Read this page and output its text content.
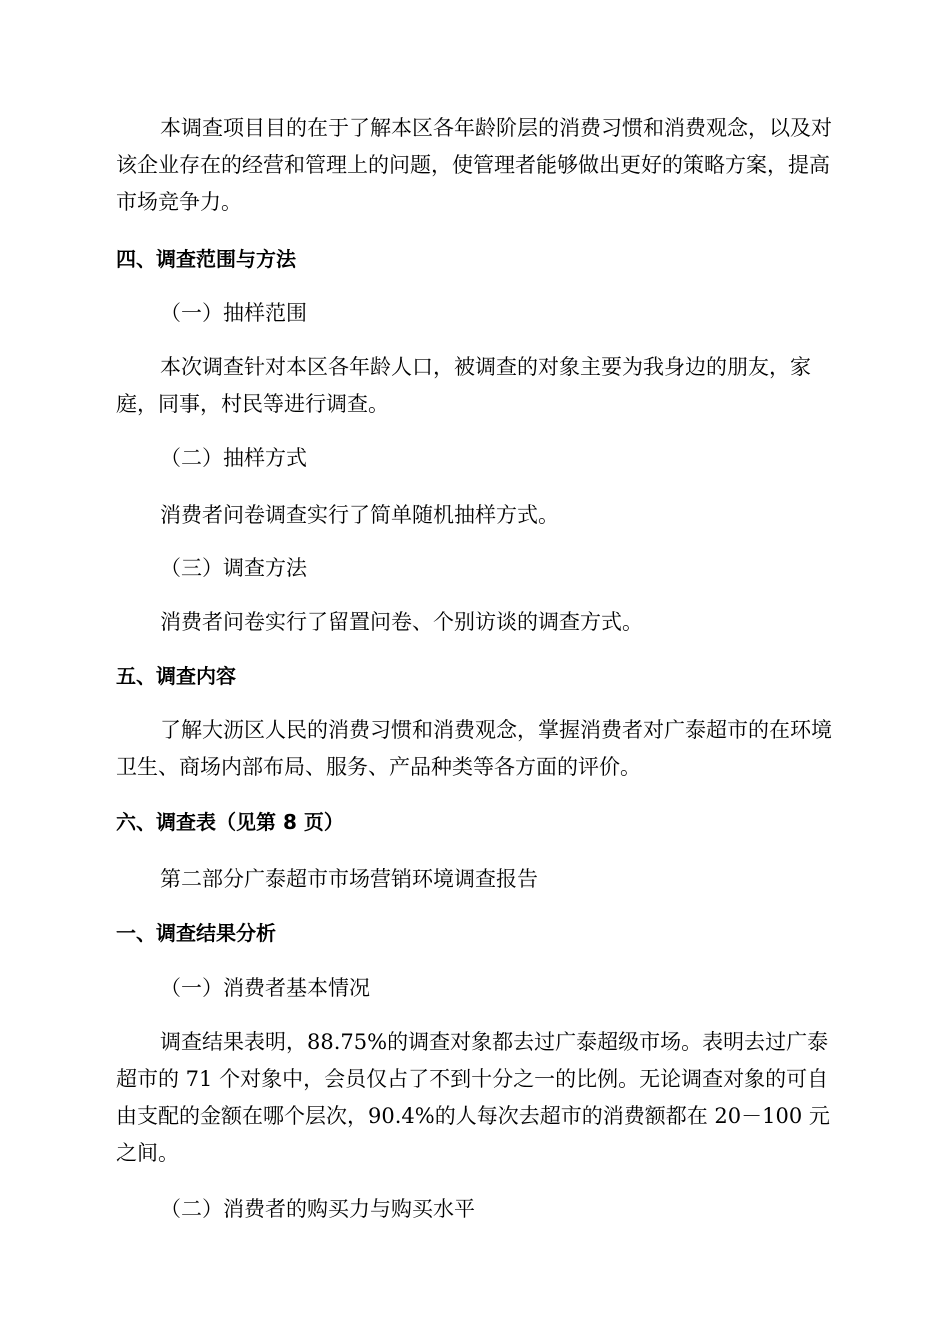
本调查项目目的在于了解本区各年龄阶层的消费习惯和消费观念，以及对该企业存在的经营和管理上的问题，使管理者能够做出更好的策略方案，提高市场竞争力。

四、调查范围与方法

（一）抽样范围

本次调查针对本区各年龄人口，被调查的对象主要为我身边的朋友，家庭，同事，村民等进行调查。

（二）抽样方式

消费者问卷调查实行了简单随机抽样方式。

（三）调查方法

消费者问卷实行了留置问卷、个别访谈的调查方式。

五、调查内容

了解大沥区人民的消费习惯和消费观念，掌握消费者对广泰超市的在环境卫生、商场内部布局、服务、产品种类等各方面的评价。

六、调查表（见第 8 页）

第二部分广泰超市市场营销环境调查报告

一、调查结果分析

（一）消费者基本情况

调查结果表明，88.75%的调查对象都去过广泰超级市场。表明去过广泰超市的 71 个对象中，会员仅占了不到十分之一的比例。无论调查对象的可自由支配的金额在哪个层次，90.4%的人每次去超市的消费额都在 20－100 元之间。

（二）消费者的购买力与购买水平
